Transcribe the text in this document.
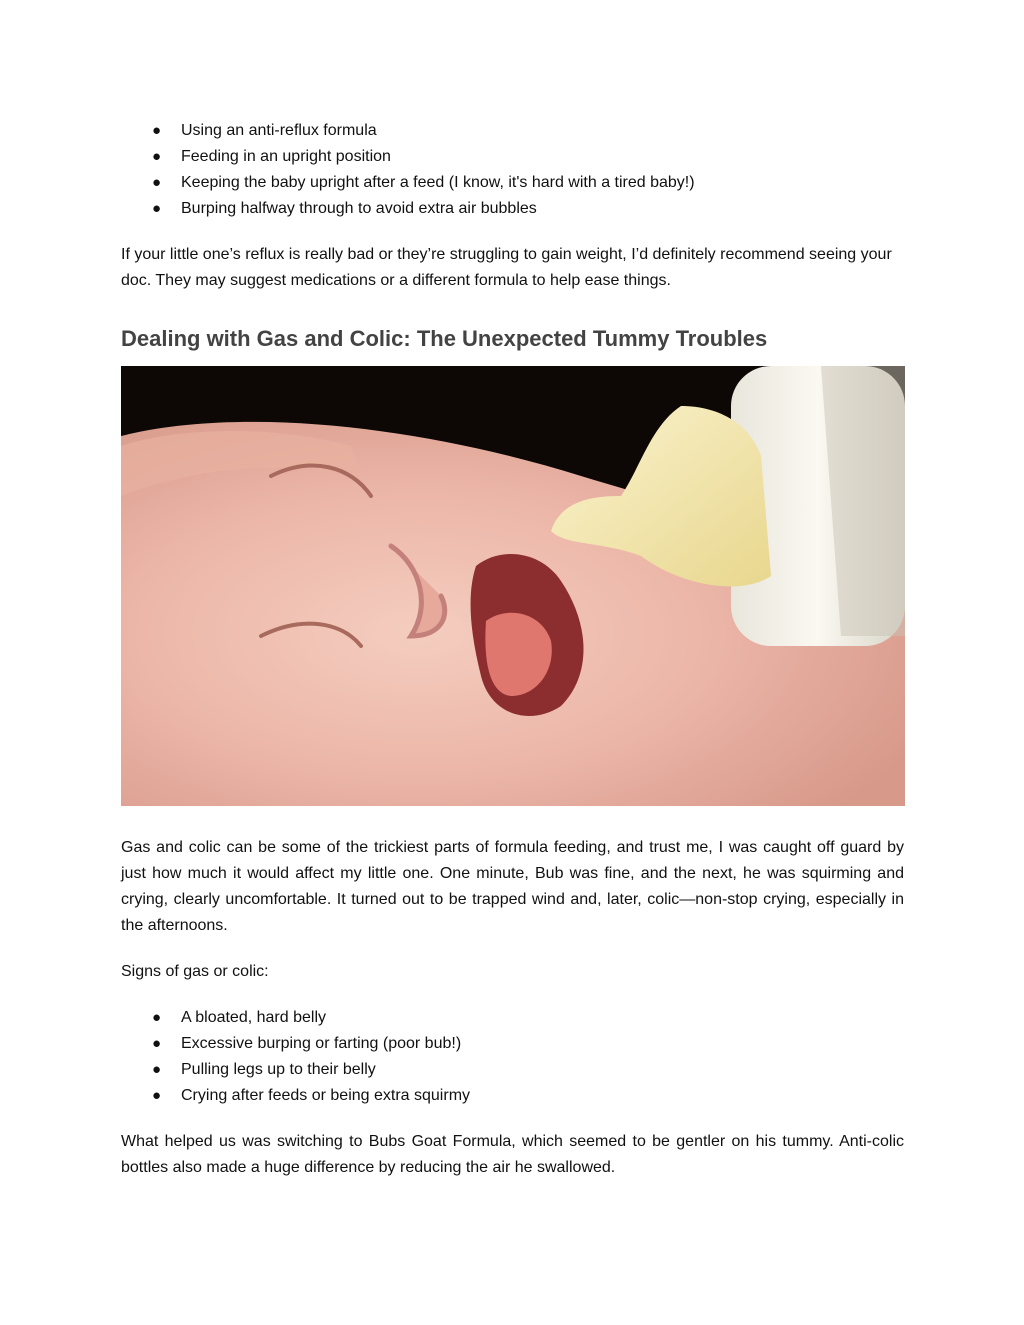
● Using an anti-reflux formula
● Feeding in an upright position
● Keeping the baby upright after a feed (I know, it's hard with a tired baby!)
● Burping halfway through to avoid extra air bubbles

If your little one’s reflux is really bad or they’re struggling to gain weight, I’d definitely recommend seeing your doc. They may suggest medications or a different formula to help ease things.

Dealing with Gas and Colic: The Unexpected Tummy Troubles

Gas and colic can be some of the trickiest parts of formula feeding, and trust me, I was caught off guard by just how much it would affect my little one. One minute, Bub was fine, and the next, he was squirming and crying, clearly uncomfortable. It turned out to be trapped wind and, later, colic—non-stop crying, especially in the afternoons.

Signs of gas or colic:

● A bloated, hard belly
● Excessive burping or farting (poor bub!)
● Pulling legs up to their belly
● Crying after feeds or being extra squirmy

What helped us was switching to Bubs Goat Formula, which seemed to be gentler on his tummy. Anti-colic bottles also made a huge difference by reducing the air he swallowed.
